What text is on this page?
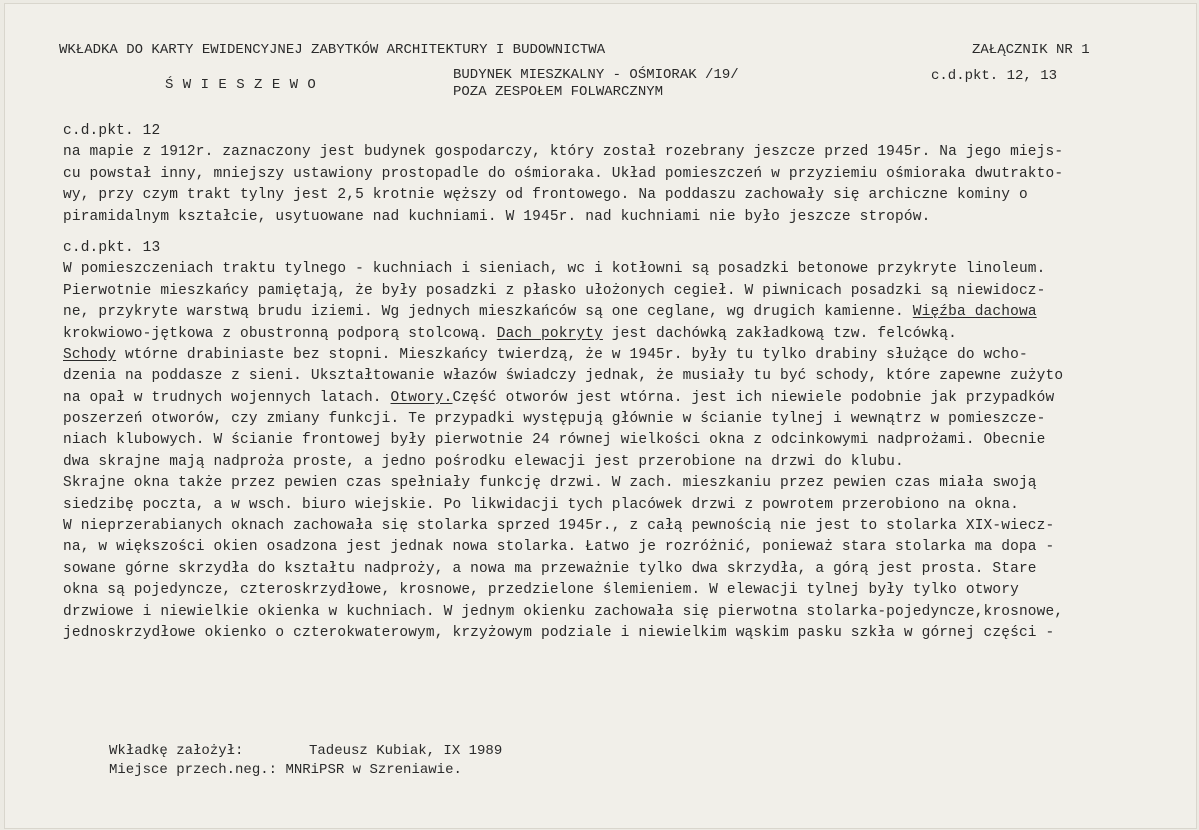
WKŁADKA DO KARTY EWIDENCYJNEJ ZABYTKÓW ARCHITEKTURY I BUDOWNICTWA	ZAŁĄCZNIK NR 1
Ś W I E S Z E W O
BUDYNEK MIESZKALNY - OŚMIORAK /19/
POZA ZESPOŁEM FOLWARCZNYM
c.d.pkt. 12, 13
c.d.pkt. 12
na mapie z 1912r. zaznaczony jest budynek gospodarczy, który został rozebrany jeszcze przed 1945r. Na jego miejs-
cu powstał inny, mniejszy ustawiony prostopadle do ośmioraka. Układ pomieszczeń w przyziemiu ośmioraka dwutrakto-
wy, przy czym trakt tylny jest 2,5 krotnie węższy od frontowego. Na poddaszu zachowały się archiczne kominy o
piramidalnym kształcie, usytuowane nad kuchniami. W 1945r. nad kuchniami nie było jeszcze stropów.
c.d.pkt. 13
W pomieszczeniach traktu tylnego - kuchniach i sieniach, wc i kotłowni są posadzki betonowe przykryte linoleum.
Pierwotnie mieszkańcy pamiętają, że były posadzki z płasko ułożonych cegieł. W piwnicach posadzki są niewidocz-
ne, przykryte warstwą brudu iziemi. Wg jednych mieszkańców są one ceglane, wg drugich kamienne. Więźba dachowa
krokwiowo-jętkowa z obustronną podporą stolcową. Dach pokryty jest dachówką zakładkową tzw. felcówką.
Schody wtórne drabiniaste bez stopni. Mieszkańcy twierdzą, że w 1945r. były tu tylko drabiny służące do wcho-
dzenia na poddasze z sieni. Ukształtowanie włazów świadczy jednak, że musiały tu być schody, które zapewne zużyto
na opał w trudnych wojennych latach. Otwory.Część otworów jest wtórna. jest ich niewiele podobnie jak przypadków
poszerzeń otworów, czy zmiany funkcji. Te przypadki występują głównie w ścianie tylnej i wewnątrz w pomieszcze-
niach klubowych. W ścianie frontowej były pierwotnie 24 równej wielkości okna z odcinkowymi nadprożami. Obecnie
dwa skrajne mają nadproża proste, a jedno pośrodku elewacji jest przerobione na drzwi do klubu.
Skrajne okna także przez pewien czas spełniały funkcję drzwi. W zach. mieszkaniu przez pewien czas miała swoją
siedzibę poczta, a w wsch. biuro wiejskie. Po likwidacji tych placówek drzwi z powrotem przerobiono na okna.
W nieprzerabianych oknach zachowała się stolarka sprzed 1945r., z całą pewnością nie jest to stolarka XIX-wiecz-
na, w większości okien osadzona jest jednak nowa stolarka. Łatwo je rozróżnić, ponieważ stara stolarka ma dopa -
sowane górne skrzydła do kształtu nadproży, a nowa ma przeważnie tylko dwa skrzydła, a górą jest prosta. Stare
okna są pojedyncze, czteroskrzydłowe, krosnowe, przedzielone ślemieniem. W elewacji tylnej były tylko otwory
drzwiowe i niewielkie okienka w kuchniach. W jednym okienku zachowała się pierwotna stolarka-pojedyncze,krosnowe,
jednoskrzydłowe okienko o czterokwaterowym, krzyżowym podziale i niewielkim wąskim pasku szkła w górnej części -
Wkładkę założył:	Tadeusz Kubiak, IX 1989
Miejsce przech.neg.: MNRiPSR w Szreniawie.
